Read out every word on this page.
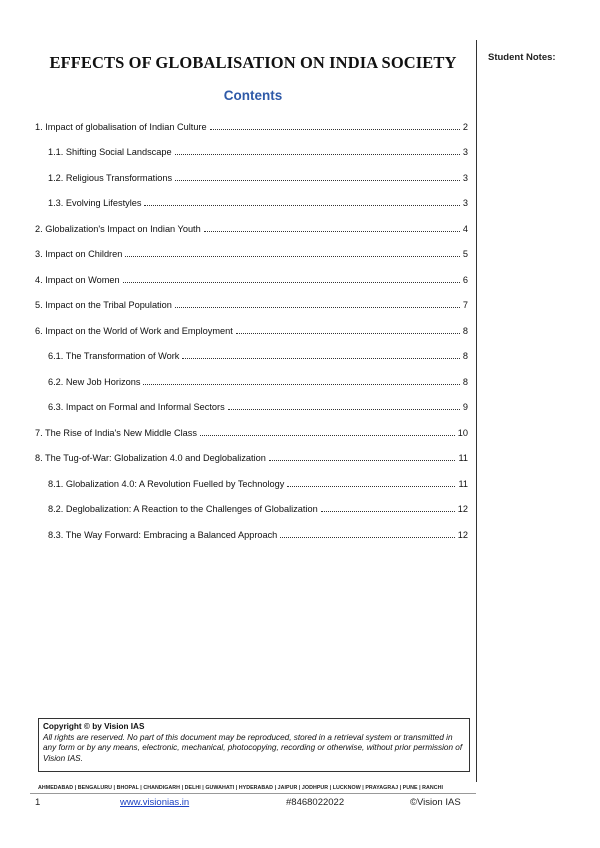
EFFECTS OF GLOBALISATION ON INDIA SOCIETY
Contents
1. Impact of globalisation of Indian Culture	2
1.1. Shifting Social Landscape	3
1.2. Religious Transformations	3
1.3. Evolving Lifestyles	3
2. Globalization's Impact on Indian Youth	4
3. Impact on Children	5
4. Impact on Women	6
5. Impact on the Tribal Population	7
6. Impact on the World of Work and Employment	8
6.1. The Transformation of Work	8
6.2. New Job Horizons	8
6.3. Impact on Formal and Informal Sectors	9
7. The Rise of India's New Middle Class	10
8. The Tug-of-War: Globalization 4.0 and Deglobalization	11
8.1. Globalization 4.0: A Revolution Fuelled by Technology	11
8.2. Deglobalization: A Reaction to the Challenges of Globalization	12
8.3. The Way Forward: Embracing a Balanced Approach	12
Student Notes:
Copyright © by Vision IAS
All rights are reserved. No part of this document may be reproduced, stored in a retrieval system or transmitted in any form or by any means, electronic, mechanical, photocopying, recording or otherwise, without prior permission of Vision IAS.
AHMEDABAD | BENGALURU | BHOPAL | CHANDIGARH | DELHI | GUWAHATI | HYDERABAD | JAIPUR | JODHPUR | LUCKNOW | PRAYAGRAJ | PUNE | RANCHI
1	www.visionias.in	#8468022022	©Vision IAS
